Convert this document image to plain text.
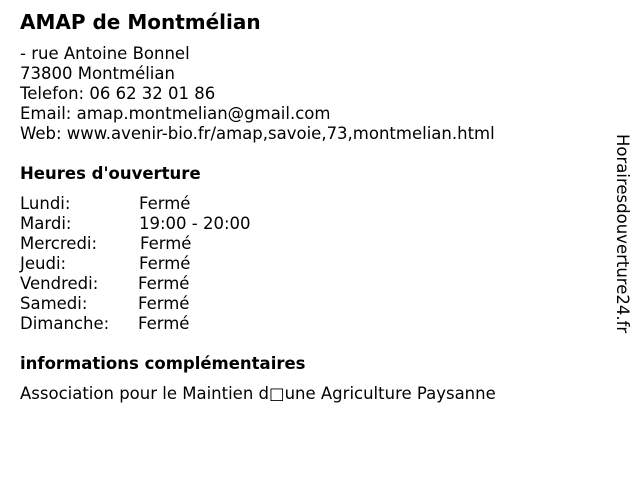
AMAP de Montmélian
- rue Antoine Bonnel
73800 Montmélian
Telefon: 06 62 32 01 86
Email: amap.montmelian@gmail.com
Web: www.avenir-bio.fr/amap,savoie,73,montmelian.html
Heures d'ouverture
Lundi:	Fermé
Mardi:	19:00 - 20:00
Mercredi:	Fermé
Jeudi:	Fermé
Vendredi: Fermé
Samedi:	Fermé
Dimanche: Fermé
informations complémentaires
Association pour le Maintien d□une Agriculture Paysanne
Horairesdouverture24.fr
